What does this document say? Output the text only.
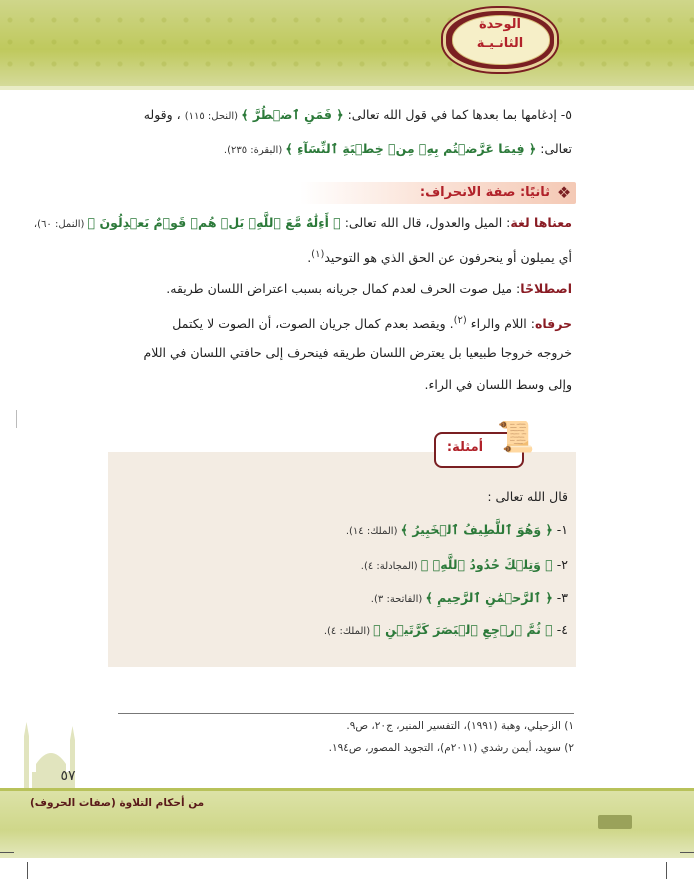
الوحدة
الثانـيـة
٥- إدغامها بما بعدها كما في قول الله تعالى: ﴿ فَمَنِ ٱضۡطُرَّ ﴾ (النحل: ١١٥) ، وقوله
تعالى: ﴿ فِيمَا عَرَّضۡتُم بِهِۦ مِنۡ خِطۡبَةِ ٱلنِّسَآءِ ﴾ (البقرة: ٢٣٥).
❖
ثانيًا: صفة الانحراف:
معناها لغة: الميل والعدول، قال الله تعالى: ﴿ أَءِلَٰهٌ مَّعَ ٱللَّهِۚ بَلۡ هُمۡ قَوۡمٌ يَعۡدِلُونَ ﴾ (النمل: ٦٠)،
أي يميلون أو ينحرفون عن الحق الذي هو التوحيد$^{(١)}$.
اصطلاحًا: ميل صوت الحرف لعدم كمال جريانه بسبب اعتراض اللسان طريقه.
حرفاه: اللام والراء $^{(٢)}$. ويقصد بعدم كمال جريان الصوت، أن الصوت لا يكتمل
خروجه خروجا طبيعيا بل يعترض اللسان طريقه فينحرف إلى حافتي اللسان في اللام
وإلى وسط اللسان في الراء.
أمثلة: 📜
قال الله تعالى :
١- ﴿ وَهُوَ ٱللَّطِيفُ ٱلۡخَبِيرُ ﴾ (الملك: ١٤).
٢- ﴿ وَتِلۡكَ حُدُودُ ٱللَّهِۗ ﴾ (المجادلة: ٤).
٣- ﴿ ٱلرَّحۡمَٰنِ ٱلرَّحِيمِ ﴾ (الفاتحة: ٣).
٤- ﴿ ثُمَّ ٱرۡجِعِ ٱلۡبَصَرَ كَرَّتَيۡنِ ﴾ (الملك: ٤).
١) الزحيلي، وهبة (١٩٩١)، التفسير المنير، ج٢٠، ص٩.
٢) سويد، أيمن رشدي (٢٠١١م)، التجويد المصور، ص١٩٤.
٥٧
من أحكام التلاوة (صفات الحروف)
